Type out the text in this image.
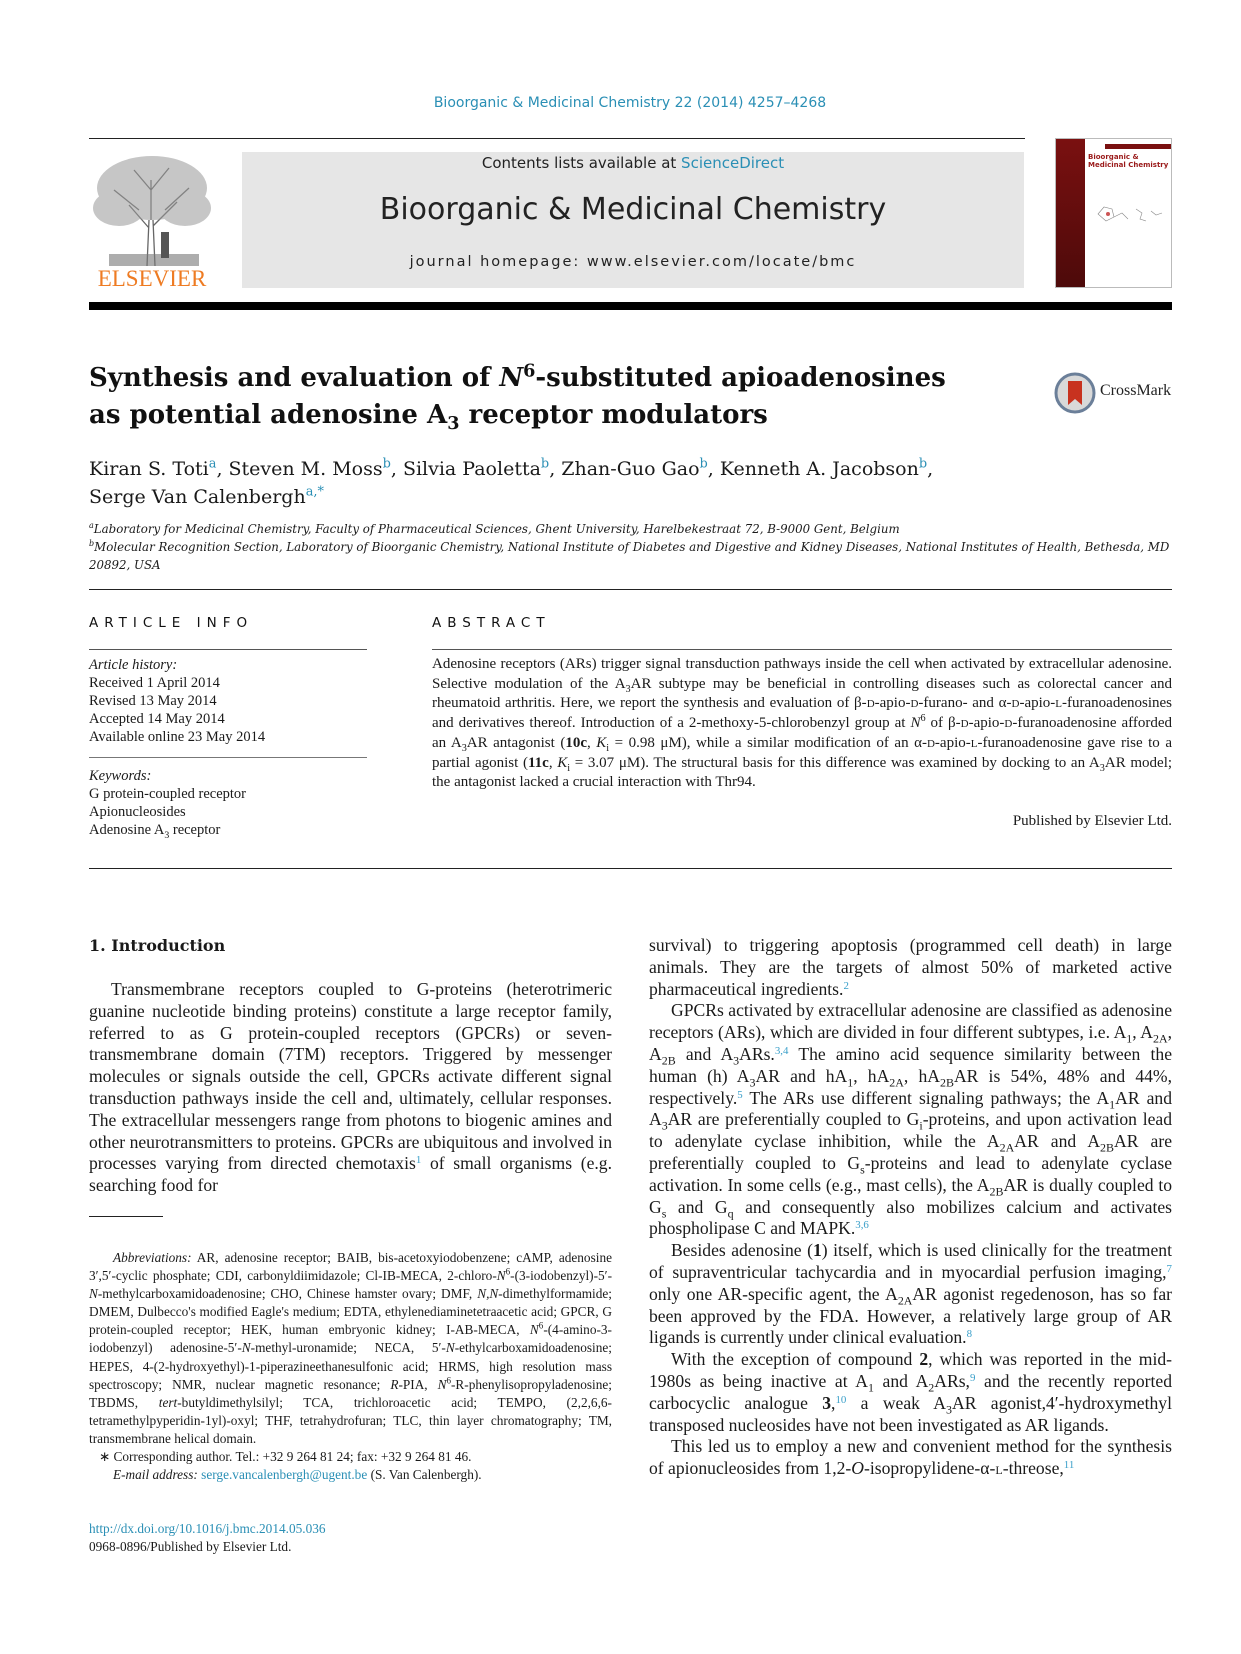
Bioorganic & Medicinal Chemistry 22 (2014) 4257–4268
ELSEVIER
Contents lists available at ScienceDirect
Bioorganic & Medicinal Chemistry
journal homepage: www.elsevier.com/locate/bmc
Bioorganic & Medicinal Chemistry
Synthesis and evaluation of $N^6$-substituted apioadenosines
as potential adenosine $A_3$ receptor modulators
CrossMark
Kiran S. Toti$^a$, Steven M. Moss$^b$, Silvia Paoletta$^b$, Zhan-Guo Gao$^b$, Kenneth A. Jacobson$^b$,
Serge Van Calenbergh$^{a,*}$
$^a$Laboratory for Medicinal Chemistry, Faculty of Pharmaceutical Sciences, Ghent University, Harelbekestraat 72, B-9000 Gent, Belgium
$^b$Molecular Recognition Section, Laboratory of Bioorganic Chemistry, National Institute of Diabetes and Digestive and Kidney Diseases, National Institutes of Health, Bethesda, MD 20892, USA
ARTICLE INFO
Article history:
Received 1 April 2014
Revised 13 May 2014
Accepted 14 May 2014
Available online 23 May 2014
Keywords:
G protein-coupled receptor
Apionucleosides
Adenosine $A_3$ receptor
ABSTRACT
Adenosine receptors (ARs) trigger signal transduction pathways inside the cell when activated by extracellular adenosine. Selective modulation of the $A_3AR$ subtype may be beneficial in controlling diseases such as colorectal cancer and rheumatoid arthritis. Here, we report the synthesis and evaluation of β-d-apio-d-furano- and α-d-apio-l-furanoadenosines and derivatives thereof. Introduction of a 2-methoxy-5-chlorobenzyl group at $N^6$ of β-d-apio-d-furanoadenosine afforded an $A_3AR$ antagonist (10c, $K_i = 0.98$ μM), while a similar modification of an α-d-apio-l-furanoadenosine gave rise to a partial agonist (11c, $K_i = 3.07$ μM). The structural basis for this difference was examined by docking to an $A_3AR$ model; the antagonist lacked a crucial interaction with Thr94.
Published by Elsevier Ltd.
1. Introduction

Transmembrane receptors coupled to G-proteins (heterotrimeric guanine nucleotide binding proteins) constitute a large receptor family, referred to as G protein-coupled receptors (GPCRs) or seven-transmembrane domain (7TM) receptors. Triggered by messenger molecules or signals outside the cell, GPCRs activate different signal transduction pathways inside the cell and, ultimately, cellular responses. The extracellular messengers range from photons to biogenic amines and other neurotransmitters to proteins. GPCRs are ubiquitous and involved in processes varying from directed chemotaxis$^1$ of small organisms (e.g. searching food for

survival) to triggering apoptosis (programmed cell death) in large animals. They are the targets of almost 50% of marketed active pharmaceutical ingredients.$^2$

GPCRs activated by extracellular adenosine are classified as adenosine receptors (ARs), which are divided in four different subtypes, i.e. $A_1$, $A_{2A}$, $A_{2B}$ and $A_3ARs.^{3,4}$ The amino acid sequence similarity between the human (h) $A_3AR$ and $hA_1$, $hA_{2A}$, $hA_{2B}AR$ is 54%, 48% and 44%, respectively.$^5$ The ARs use different signaling pathways; the $A_1AR$ and $A_3AR$ are preferentially coupled to $G_i$-proteins, and upon activation lead to adenylate cyclase inhibition, while the $A_{2A}AR$ and $A_{2B}AR$ are preferentially coupled to $G_s$-proteins and lead to adenylate cyclase activation. In some cells (e.g., mast cells), the $A_{2B}AR$ is dually coupled to $G_s$ and $G_q$ and consequently also mobilizes calcium and activates phospholipase C and MAPK.$^{3,6}$

Besides adenosine (1) itself, which is used clinically for the treatment of supraventricular tachycardia and in myocardial perfusion imaging,$^7$ only one AR-specific agent, the $A_{2A}AR$ agonist regedenoson, has so far been approved by the FDA. However, a relatively large group of AR ligands is currently under clinical evaluation.$^8$

With the exception of compound 2, which was reported in the mid-1980s as being inactive at $A_1$ and $A_2ARs,^9$ and the recently reported carbocyclic analogue 3,10 a weak $A_3AR$ agonist,4′-hydroxymethyl transposed nucleosides have not been investigated as AR ligands.

This led us to employ a new and convenient method for the synthesis of apionucleosides from 1,2-O-isopropylidene-α-l-threose,$^{11}$

Abbreviations: AR, adenosine receptor; BAIB, bis-acetoxyiodobenzene; cAMP, adenosine 3′,5′-cyclic phosphate; CDI, carbonyldiimidazole; Cl-IB-MECA, $2-chloro-N^6-(3-iodobenzyl)-5'-N$-methylcarboxamidoadenosine; CHO, Chinese hamster ovary; DMF, N,N-dimethylformamide; DMEM, Dulbecco's modified Eagle's medium; EDTA, ethylenediaminetetraacetic acid; GPCR, G protein-coupled receptor; HEK, human embryonic kidney; I-AB-MECA, $N^6-(4-amino-3-iodobenzyl)$ adenosine-5′-N-methyl-uronamide; NECA, 5′-N-ethylcarboxamidoadenosine; HEPES, 4-(2-hydroxyethyl)-1-piperazineethanesulfonic acid; HRMS, high resolution mass spectroscopy; NMR, nuclear magnetic resonance; R-PIA, $N^6-R$-phenylisopropyladenosine; TBDMS, tert-butyldimethylsilyl; TCA, trichloroacetic acid; TEMPO, (2,2,6,6-tetramethylpyperidin-1yl)-oxyl; THF, tetrahydrofuran; TLC, thin layer chromatography; TM, transmembrane helical domain.

∗ Corresponding author. Tel.: +32 9 264 81 24; fax: +32 9 264 81 46.

E-mail address: serge.vancalenbergh@ugent.be (S. Van Calenbergh).

http://dx.doi.org/10.1016/j.bmc.2014.05.036
0968-0896/Published by Elsevier Ltd.
